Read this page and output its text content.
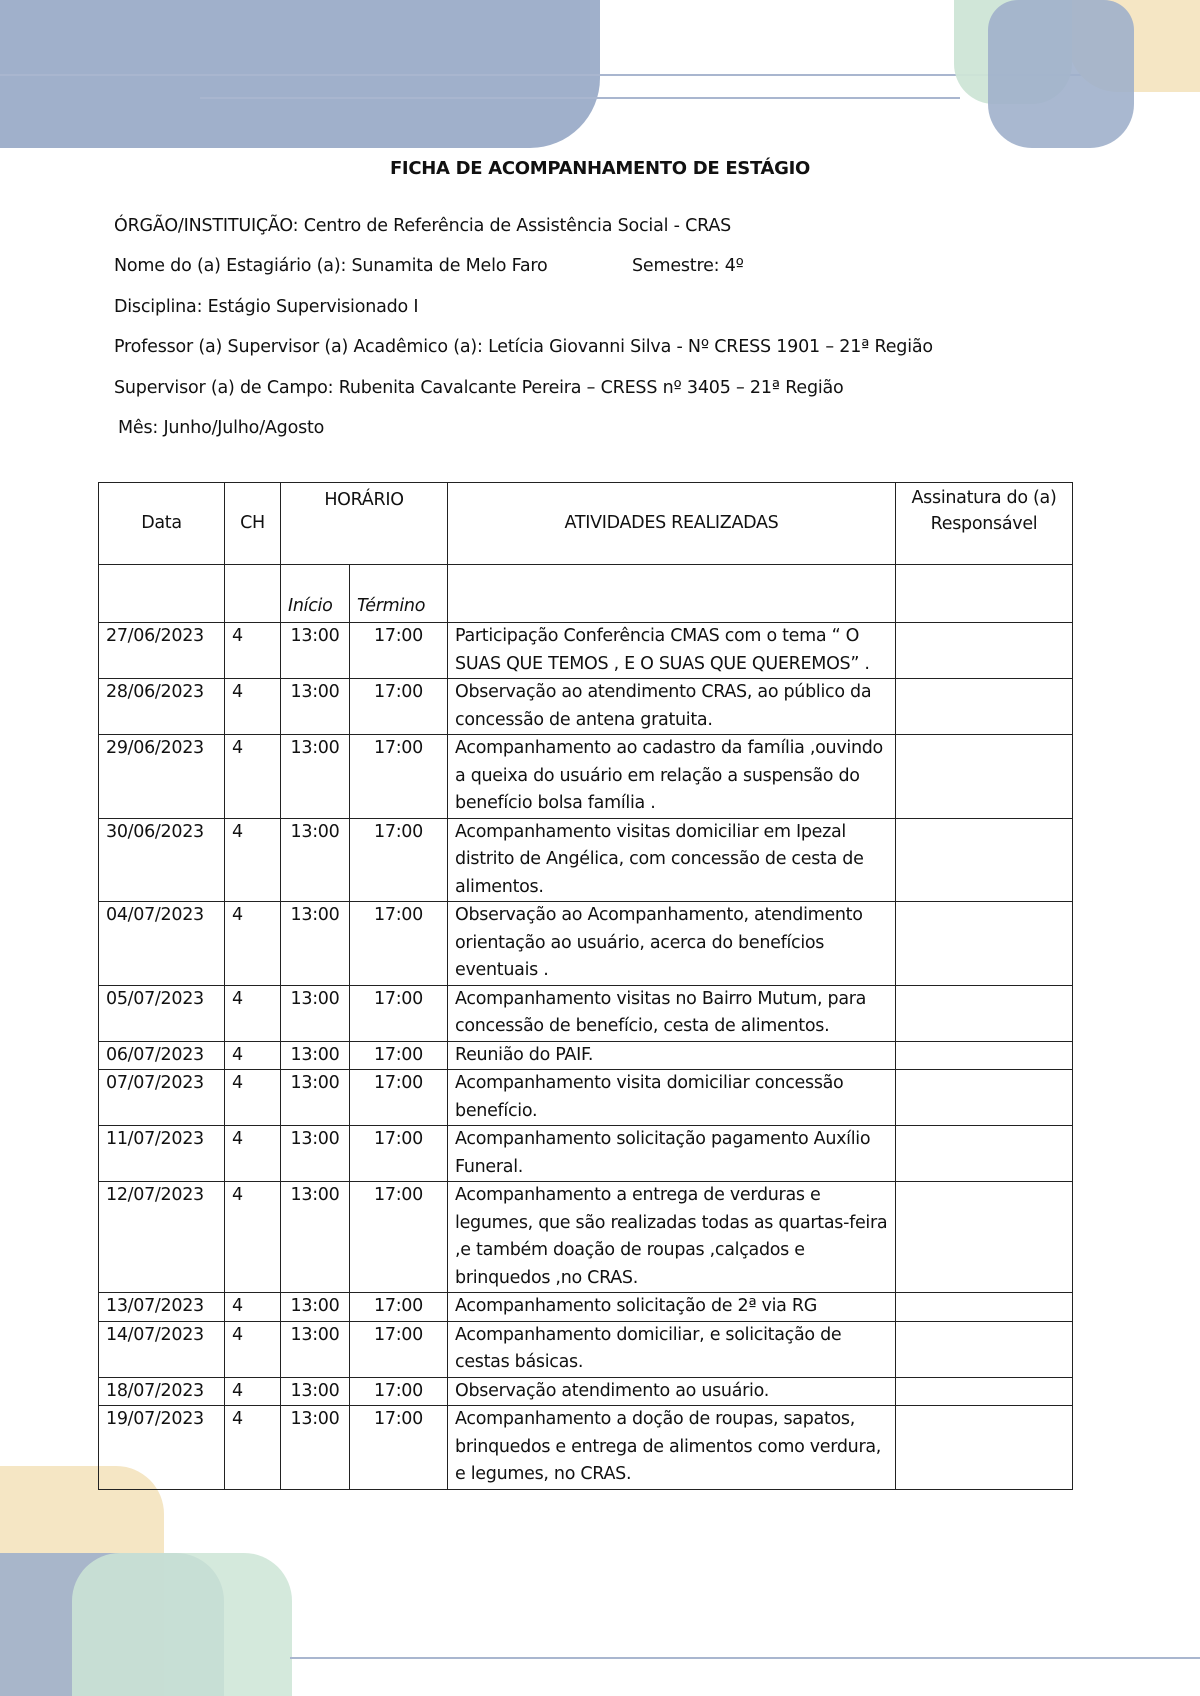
FICHA DE ACOMPANHAMENTO DE ESTÁGIO
ÓRGÃO/INSTITUIÇÃO: Centro de Referência de Assistência Social - CRAS
Nome do (a) Estagiário (a): Sunamita de Melo Faro	Semestre: 4º
Disciplina: Estágio Supervisionado I
Professor (a) Supervisor (a) Acadêmico (a): Letícia Giovanni Silva - Nº CRESS 1901 – 21ª Região
Supervisor (a) de Campo: Rubenita Cavalcante Pereira – CRESS nº 3405 – 21ª Região
Mês: Junho/Julho/Agosto
Data	CH	HORÁRIO		ATIVIDADES REALIZADAS	Assinatura do (a) Responsável
		Início	Término		
27/06/2023	4	13:00	17:00	Participação Conferência CMAS com o tema “ O SUAS QUE TEMOS , E O SUAS QUE QUEREMOS” .	
28/06/2023	4	13:00	17:00	Observação ao atendimento CRAS, ao público da concessão de antena gratuita.	
29/06/2023	4	13:00	17:00	Acompanhamento ao cadastro da família ,ouvindo a queixa do usuário em relação a suspensão do benefício bolsa família .	
30/06/2023	4	13:00	17:00	Acompanhamento visitas domiciliar em Ipezal distrito de Angélica, com concessão de cesta de alimentos.	
04/07/2023	4	13:00	17:00	Observação ao Acompanhamento, atendimento orientação ao usuário, acerca do benefícios eventuais .	
05/07/2023	4	13:00	17:00	Acompanhamento visitas no Bairro Mutum, para concessão de benefício, cesta de alimentos.	
06/07/2023	4	13:00	17:00	Reunião do PAIF.	
07/07/2023	4	13:00	17:00	Acompanhamento visita domiciliar concessão benefício.	
11/07/2023	4	13:00	17:00	Acompanhamento solicitação pagamento Auxílio Funeral.	
12/07/2023	4	13:00	17:00	Acompanhamento a entrega de verduras e legumes, que são realizadas todas as quartas-feira ,e também doação de roupas ,calçados e brinquedos ,no CRAS.	
13/07/2023	4	13:00	17:00	Acompanhamento solicitação de 2ª via RG	
14/07/2023	4	13:00	17:00	Acompanhamento domiciliar, e solicitação de cestas básicas.	
18/07/2023	4	13:00	17:00	Observação atendimento ao usuário.	
19/07/2023	4	13:00	17:00	Acompanhamento a doção de roupas, sapatos, brinquedos e entrega de alimentos como verdura, e legumes, no CRAS.	
